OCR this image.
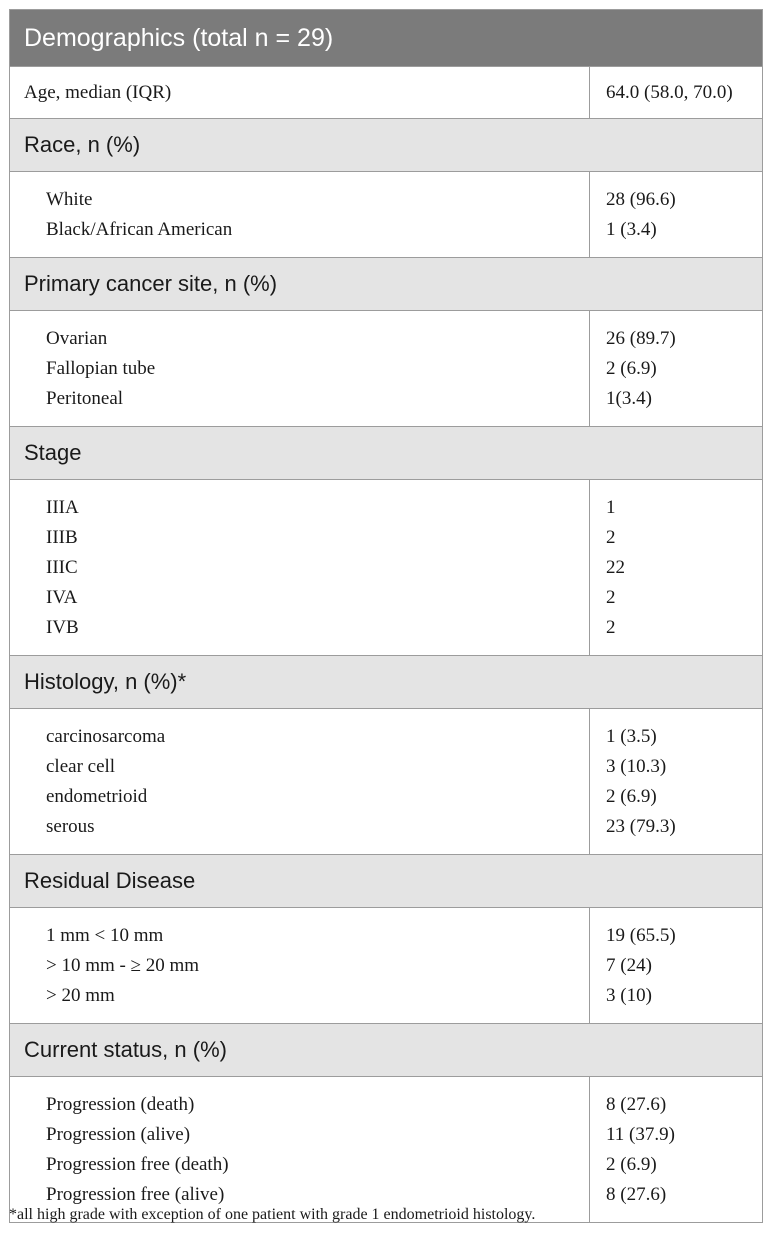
Demographics (total n = 29)
Age, median (IQR)	64.0 (58.0, 70.0)
Race, n (%)
White
Black/African American
28 (96.6)
1 (3.4)
Primary cancer site, n (%)
Ovarian
Fallopian tube
Peritoneal
26 (89.7)
2 (6.9)
1(3.4)
Stage
IIIA
IIIB
IIIC
IVA
IVB
1
2
22
2
2
Histology, n (%)*
carcinosarcoma
clear cell
endometrioid
serous
1 (3.5)
3 (10.3)
2 (6.9)
23 (79.3)
Residual Disease
1 mm < 10 mm
> 10 mm - ≥ 20 mm
> 20 mm
19 (65.5)
7 (24)
3 (10)
Current status, n (%)
Progression (death)
Progression (alive)
Progression free (death)
Progression free (alive)
8 (27.6)
11 (37.9)
2 (6.9)
8 (27.6)
*all high grade with exception of one patient with grade 1 endometrioid histology.
